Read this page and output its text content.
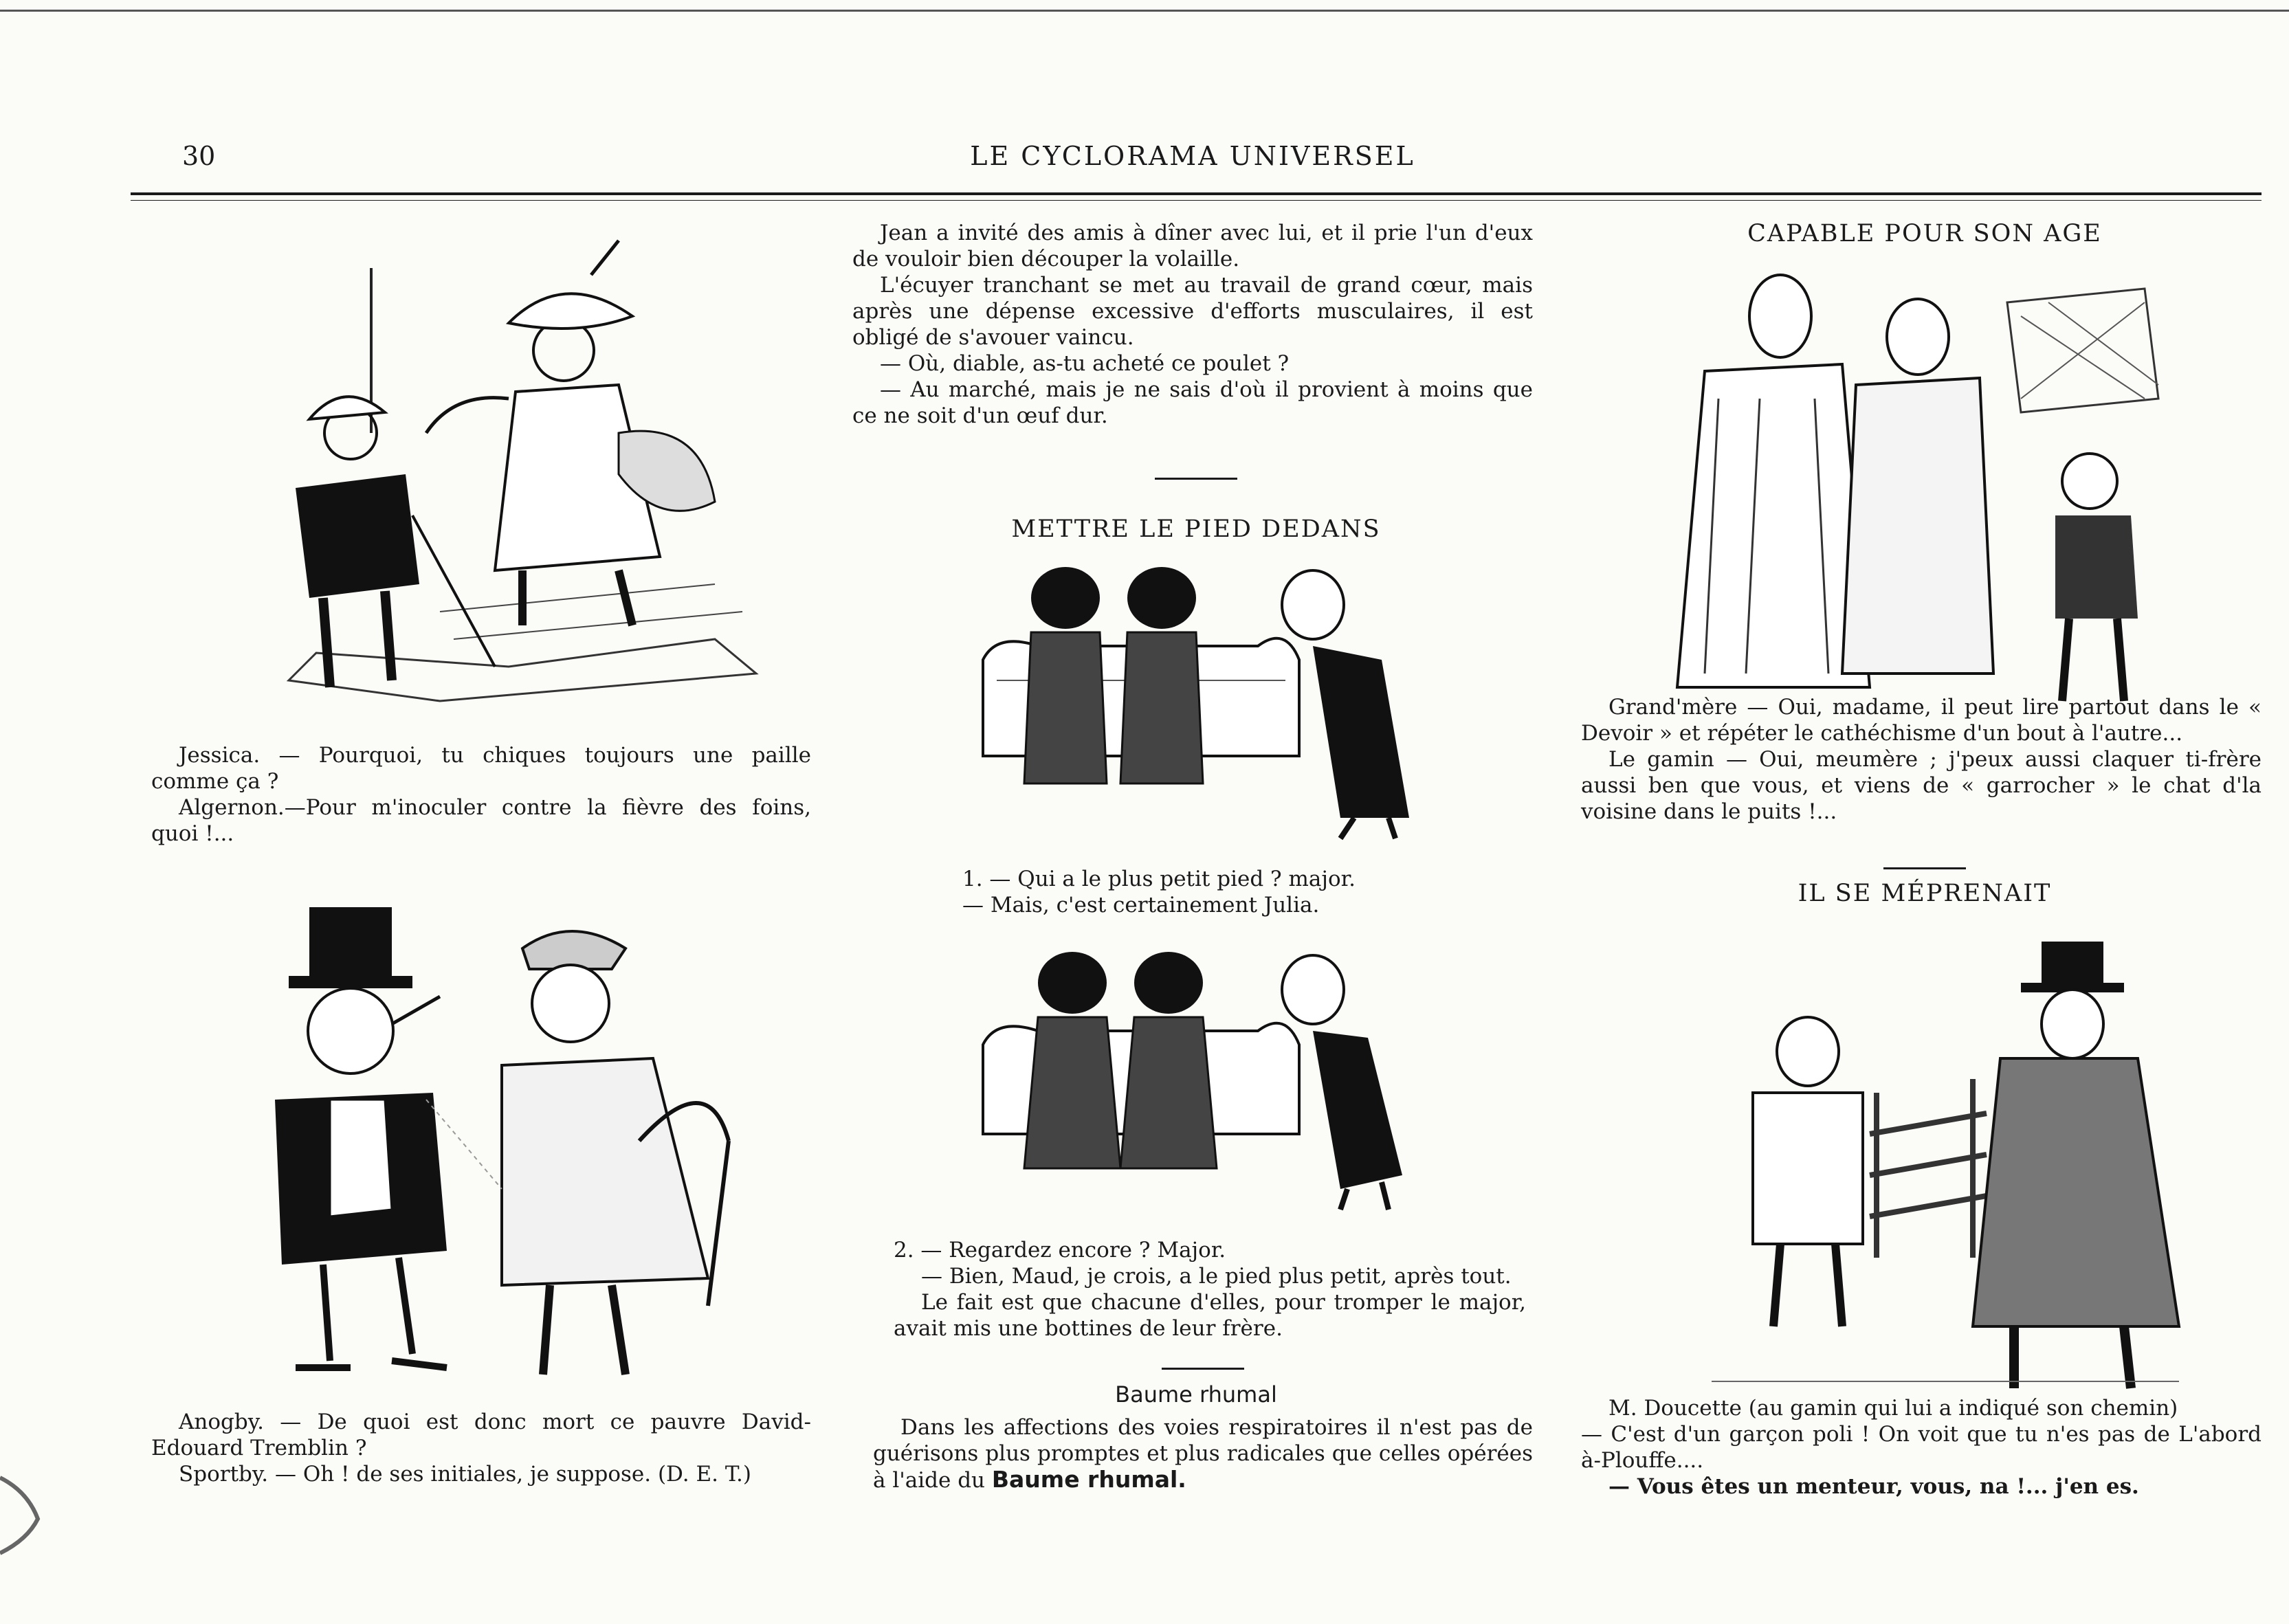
30	LE CYCLORAMA UNIVERSEL

Jessica. — Pourquoi, tu chiques toujours une paille comme ça ?

Algernon.—Pour m'inoculer contre la fièvre des foins, quoi !...

Anogby. — De quoi est donc mort ce pauvre David-Edouard Tremblin ?

Sportby. — Oh ! de ses initiales, je suppose. (D. E. T.)

Jean a invité des amis à dîner avec lui, et il prie l'un d'eux de vouloir bien découper la volaille.

L'écuyer tranchant se met au travail de grand cœur, mais après une dépense excessive d'efforts musculaires, il est obligé de s'avouer vaincu.

— Où, diable, as-tu acheté ce poulet ?

— Au marché, mais je ne sais d'où il provient à moins que ce ne soit d'un œuf dur.

METTRE LE PIED DEDANS

1. — Qui a le plus petit pied ? major.

— Mais, c'est certainement Julia.

2. — Regardez encore ? Major.

— Bien, Maud, je crois, a le pied plus petit, après tout.

Le fait est que chacune d'elles, pour tromper le major, avait mis une bottines de leur frère.

Baume rhumal

Dans les affections des voies respiratoires il n'est pas de guérisons plus promptes et plus radicales que celles opérées à l'aide du Baume rhumal.

CAPABLE POUR SON AGE

Grand'mère — Oui, madame, il peut lire partout dans le « Devoir » et répéter le cathéchisme d'un bout à l'autre...

Le gamin — Oui, meumère ; j'peux aussi claquer ti-frère aussi ben que vous, et viens de « garrocher » le chat d'la voisine dans le puits !...

IL SE MÉPRENAIT

M. Doucette (au gamin qui lui a indiqué son chemin)

— C'est d'un garçon poli ! On voit que tu n'es pas de L'abord à-Plouffe....

— Vous êtes un menteur, vous, na !... j'en es.
